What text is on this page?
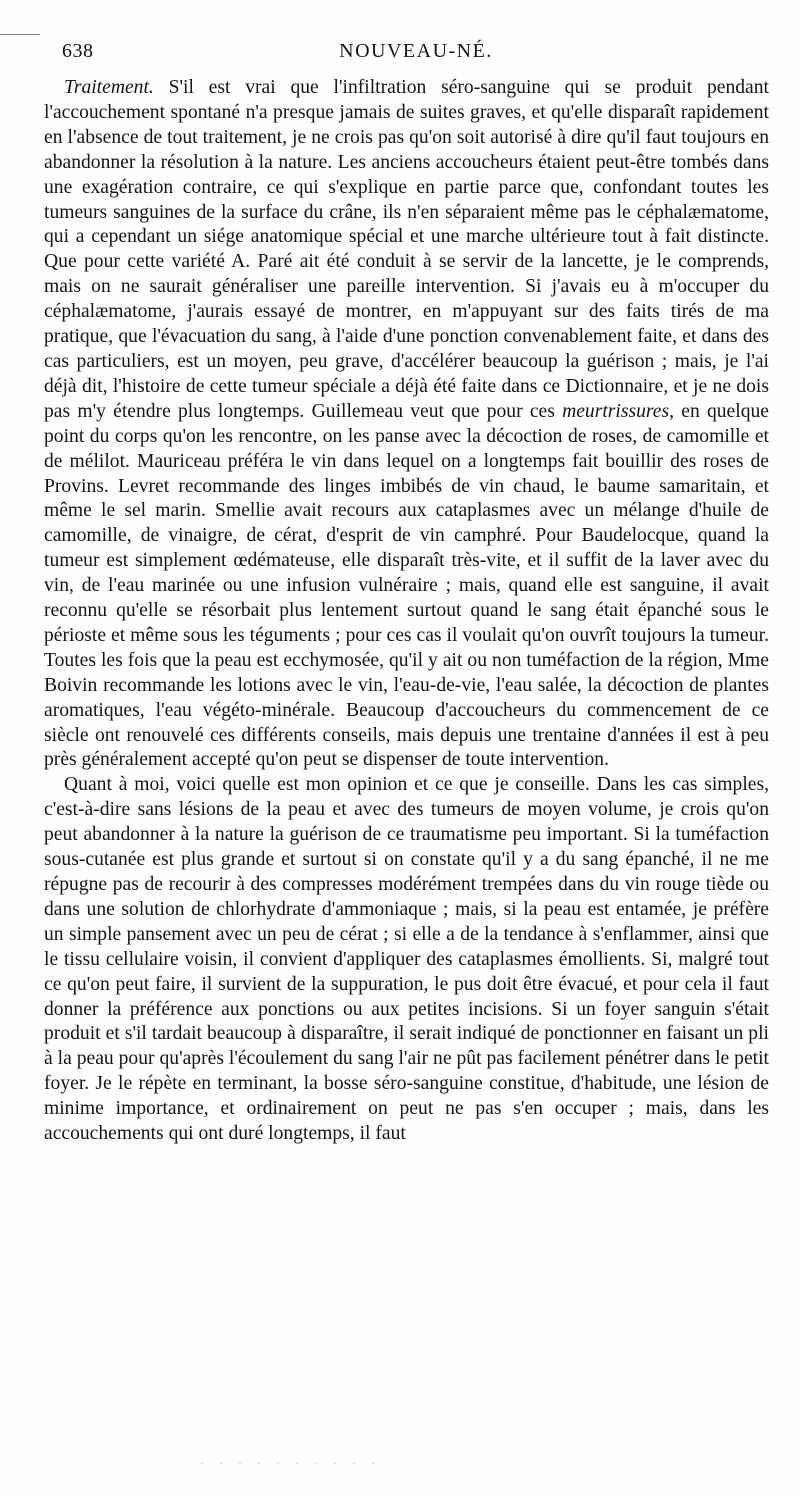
638	NOUVEAU-NÉ.

Traitement. S'il est vrai que l'infiltration séro-sanguine qui se produit pendant l'accouchement spontané n'a presque jamais de suites graves, et qu'elle disparaît rapidement en l'absence de tout traitement, je ne crois pas qu'on soit autorisé à dire qu'il faut toujours en abandonner la résolution à la nature. Les anciens accoucheurs étaient peut-être tombés dans une exagération contraire, ce qui s'explique en partie parce que, confondant toutes les tumeurs sanguines de la surface du crâne, ils n'en séparaient même pas le céphalæmatome, qui a cependant un siége anatomique spécial et une marche ultérieure tout à fait distincte. Que pour cette variété A. Paré ait été conduit à se servir de la lancette, je le comprends, mais on ne saurait généraliser une pareille intervention. Si j'avais eu à m'occuper du céphalæmatome, j'aurais essayé de montrer, en m'appuyant sur des faits tirés de ma pratique, que l'évacuation du sang, à l'aide d'une ponction convenablement faite, et dans des cas particuliers, est un moyen, peu grave, d'accélérer beaucoup la guérison ; mais, je l'ai déjà dit, l'histoire de cette tumeur spéciale a déjà été faite dans ce Dictionnaire, et je ne dois pas m'y étendre plus longtemps. Guillemeau veut que pour ces meurtrissures, en quelque point du corps qu'on les rencontre, on les panse avec la décoction de roses, de camomille et de mélilot. Mauriceau préféra le vin dans lequel on a longtemps fait bouillir des roses de Provins. Levret recommande des linges imbibés de vin chaud, le baume samaritain, et même le sel marin. Smellie avait recours aux cataplasmes avec un mélange d'huile de camomille, de vinaigre, de cérat, d'esprit de vin camphré. Pour Baudelocque, quand la tumeur est simplement œdémateuse, elle disparaît très-vite, et il suffit de la laver avec du vin, de l'eau marinée ou une infusion vulnéraire ; mais, quand elle est sanguine, il avait reconnu qu'elle se résorbait plus lentement surtout quand le sang était épanché sous le périoste et même sous les téguments ; pour ces cas il voulait qu'on ouvrît toujours la tumeur. Toutes les fois que la peau est ecchymosée, qu'il y ait ou non tuméfaction de la région, Mme Boivin recommande les lotions avec le vin, l'eau-de-vie, l'eau salée, la décoction de plantes aromatiques, l'eau végéto-minérale. Beaucoup d'accoucheurs du commencement de ce siècle ont renouvelé ces différents conseils, mais depuis une trentaine d'années il est à peu près généralement accepté qu'on peut se dispenser de toute intervention.

Quant à moi, voici quelle est mon opinion et ce que je conseille. Dans les cas simples, c'est-à-dire sans lésions de la peau et avec des tumeurs de moyen volume, je crois qu'on peut abandonner à la nature la guérison de ce traumatisme peu important. Si la tuméfaction sous-cutanée est plus grande et surtout si on constate qu'il y a du sang épanché, il ne me répugne pas de recourir à des compresses modérément trempées dans du vin rouge tiède ou dans une solution de chlorhydrate d'ammoniaque ; mais, si la peau est entamée, je préfère un simple pansement avec un peu de cérat ; si elle a de la tendance à s'enflammer, ainsi que le tissu cellulaire voisin, il convient d'appliquer des cataplasmes émollients. Si, malgré tout ce qu'on peut faire, il survient de la suppuration, le pus doit être évacué, et pour cela il faut donner la préférence aux ponctions ou aux petites incisions. Si un foyer sanguin s'était produit et s'il tardait beaucoup à disparaître, il serait indiqué de ponctionner en faisant un pli à la peau pour qu'après l'écoulement du sang l'air ne pût pas facilement pénétrer dans le petit foyer. Je le répète en terminant, la bosse séro-sanguine constitue, d'habitude, une lésion de minime importance, et ordinairement on peut ne pas s'en occuper ; mais, dans les accouchements qui ont duré longtemps, il faut

· · · · · · · · · ·
